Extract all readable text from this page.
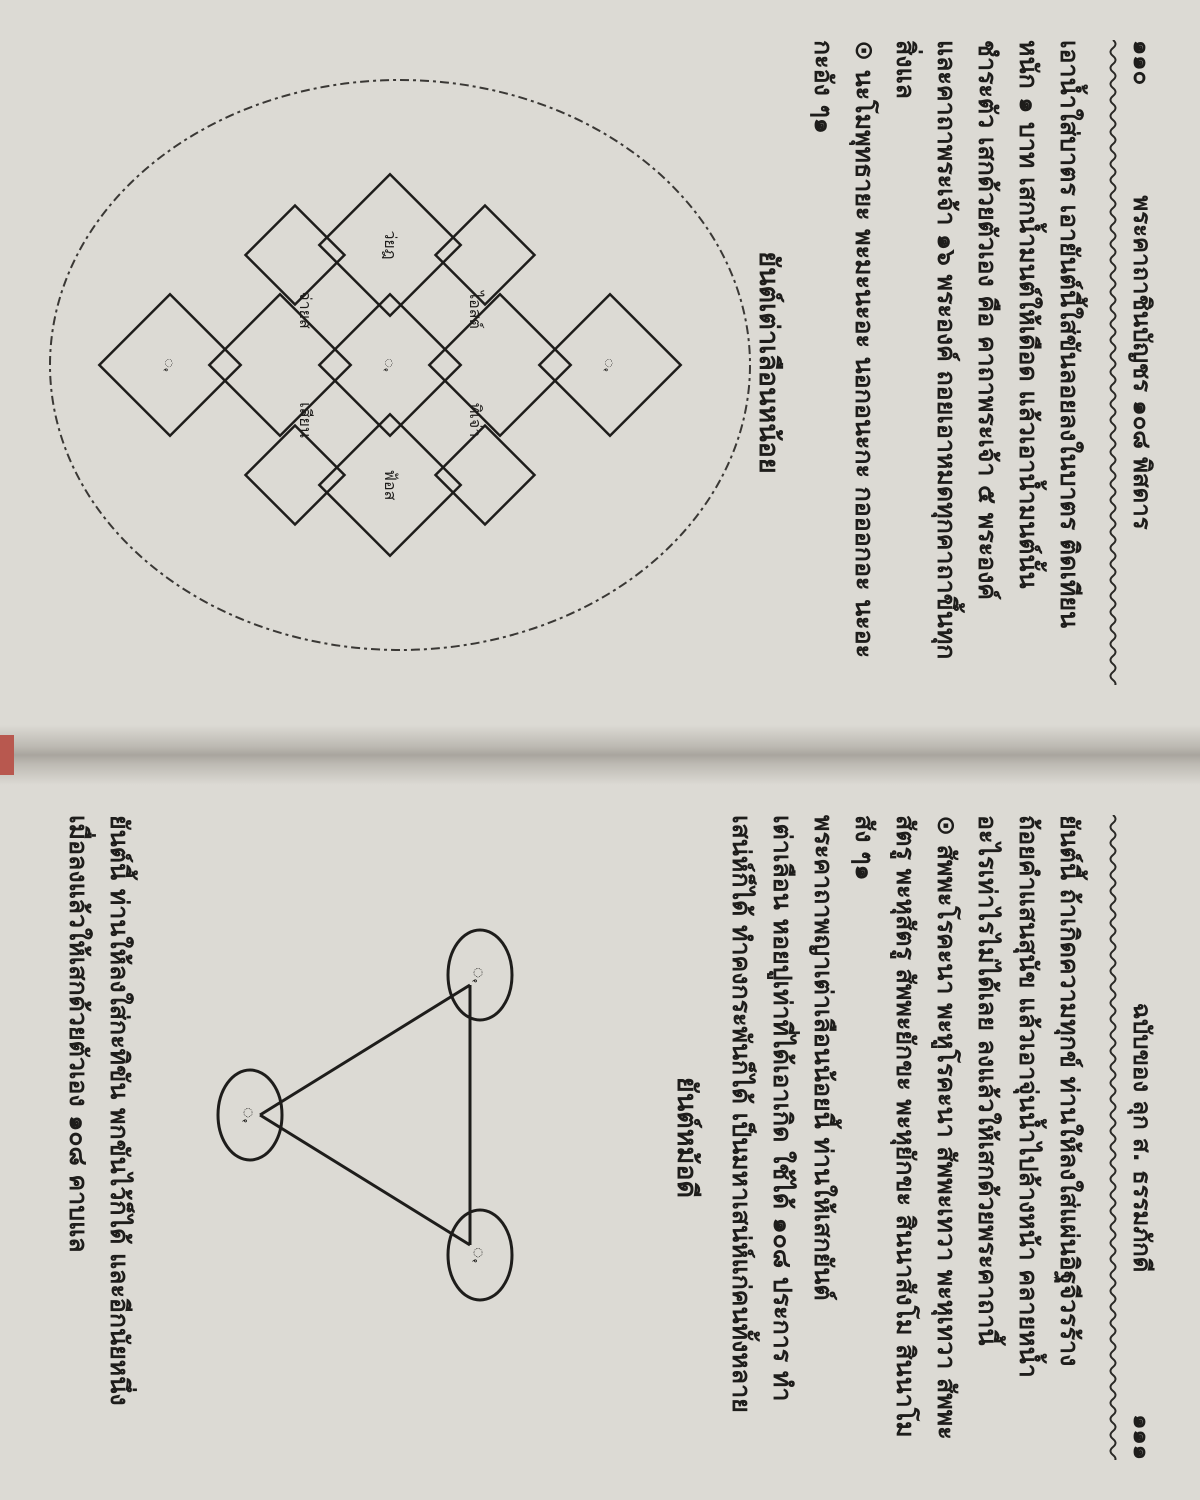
๑๑๐
พระคาถาชินบัญชร ๑๐๘ พิสดาร

เอาน้ำใส่บาตร เอายันต์นี้ใส่ขันลอยลงในบาตร ติดเทียน

หนัก ๑ บาท เสกน้ำมนต์ให้เดือด แล้วเอาน้ำมนต์นั้น

ชำระตัว เสกด้วยตัวเอง คือ คาถาพระเจ้า ๕ พระองค์

และคาถาพระเจ้า ๑๖ พระองค์ ถอยเอาหมดทุกคาถาขึ้นทุก

สิ่งแล

⊙ นะโมพุทธายะ พะมะนะอะ นอกอนะกะ กอออกอะ นะอะกะอัง ๆ๑

ยันต์เต่าเลือนหน้อย
ꩻ
ꩻ
ꩻ
ไอสต์
ทิเจ่า
จ่ายส
เสียน
ว่ยฎ
ฟ้อส
ฉบับของ ลุก ส. ธรรมภักดี
๑๑๑

ยันต์นี้ ถ้าเกิดความทุกข์ ท่านให้ลงใส่แผ่นอิฐจีวรร้าง

ถ้อยคำแสนสุนัข แล้วเอาจุ่นน้ำไปล้างหน้า คลายหน้ำ

อะไรเท่าไรไม่ได้เลย ลงแล้วให้เสกด้วยพระคาถานี้

⊙ สัพพะโรคะนา พะหูโรคะนา สัพพะเทวา พะหุเทวา สัพพะสัตรู พะหุสัตรู สัพพะยักขะ พะหุยักขะ สินนาสังโม สินนาโมสัง ๆ๑

พระคาถาพญาเต่าเลือนน้อยนี้ ท่านให้เสกยันต์

เต่าเลือน หอยปูเท่าที่ได้เอาเกิด ใช้ได้ ๑๐๘ ประการ ทำ

เสน่ห์ก็ได้ ทำคงกระพันก็ได้ เป็นมหาเสน่ห์แก่คนทั้งหลาย

ยันต์หม้อดี
ꩻ
ꩻ
ꩻ

ยันต์นี้ ท่านให้ลงใส่กะทิขัน พกขันไว้ก็ได้ และอีกนัยหนึ่ง

เมื่อลงแล้วให้เสกด้วยตัวเอง ๑๐๘ คาบแล
